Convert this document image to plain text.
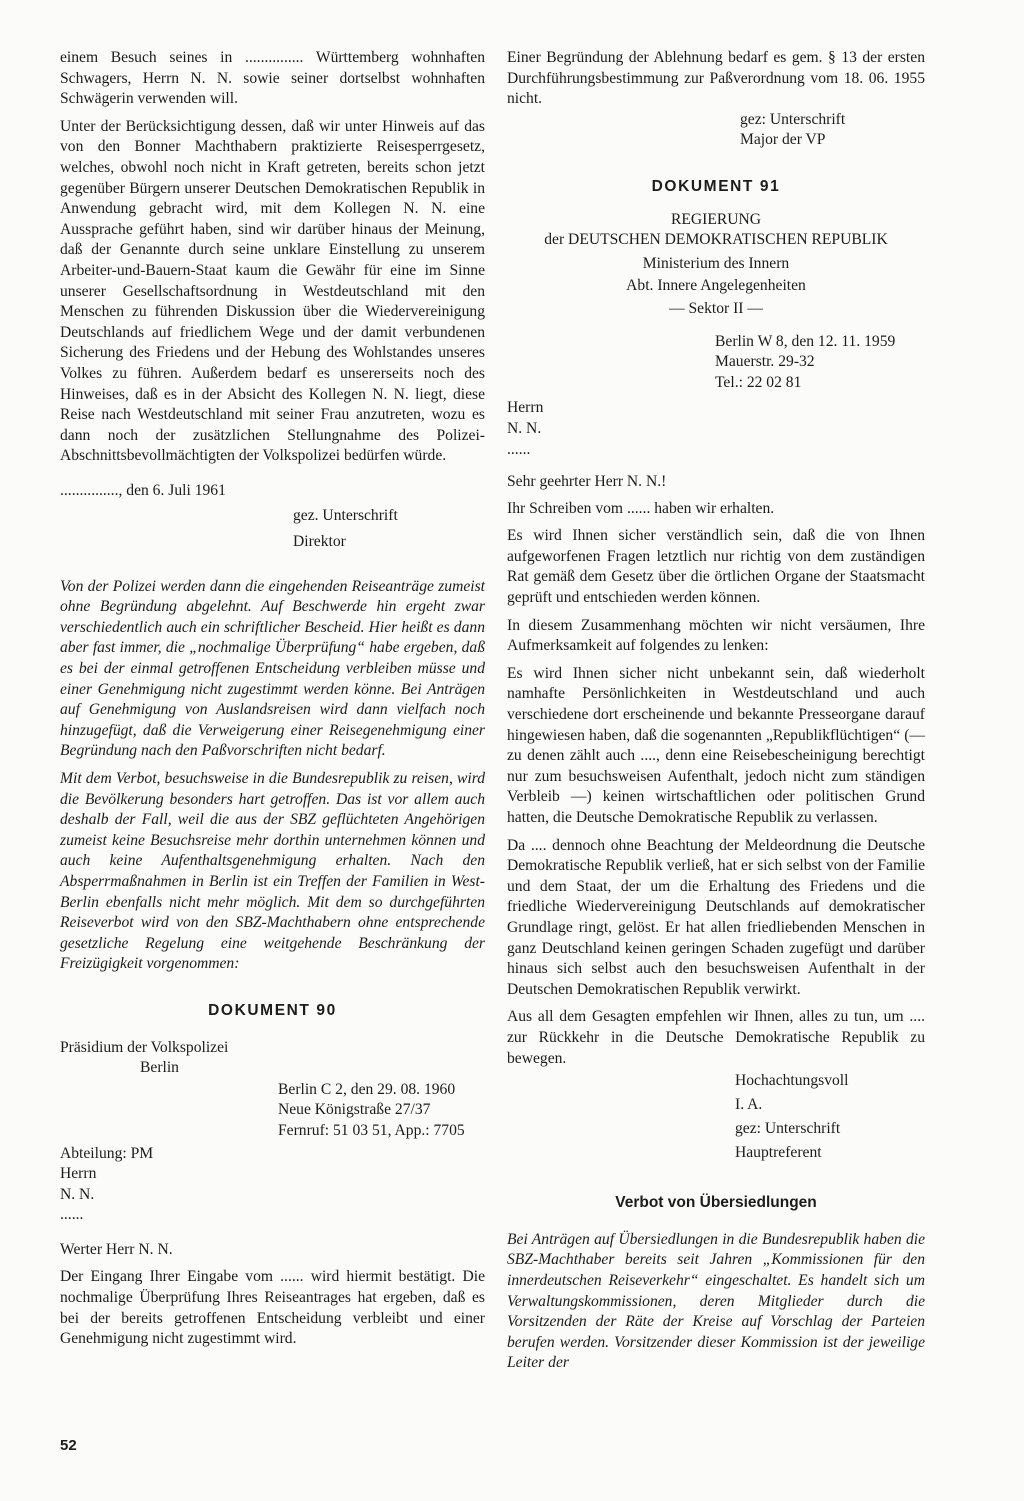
einem Besuch seines in ............... Württemberg wohnhaften Schwagers, Herrn N. N. sowie seiner dortselbst wohnhaften Schwägerin verwenden will.

Unter der Berücksichtigung dessen, daß wir unter Hinweis auf das von den Bonner Machthabern praktizierte Reisesperrgesetz, welches, obwohl noch nicht in Kraft getreten, bereits schon jetzt gegenüber Bürgern unserer Deutschen Demokratischen Republik in Anwendung gebracht wird, mit dem Kollegen N. N. eine Aussprache geführt haben, sind wir darüber hinaus der Meinung, daß der Genannte durch seine unklare Einstellung zu unserem Arbeiter-und-Bauern-Staat kaum die Gewähr für eine im Sinne unserer Gesellschaftsordnung in Westdeutschland mit den Menschen zu führenden Diskussion über die Wiedervereinigung Deutschlands auf friedlichem Wege und der damit verbundenen Sicherung des Friedens und der Hebung des Wohlstandes unseres Volkes zu führen. Außerdem bedarf es unsererseits noch des Hinweises, daß es in der Absicht des Kollegen N. N. liegt, diese Reise nach Westdeutschland mit seiner Frau anzutreten, wozu es dann noch der zusätzlichen Stellungnahme des Polizei-Abschnittsbevollmächtigten der Volkspolizei bedürfen würde.

..............., den 6. Juli 1961
gez. Unterschrift
Direktor

Von der Polizei werden dann die eingehenden Reiseanträge zumeist ohne Begründung abgelehnt. Auf Beschwerde hin ergeht zwar verschiedentlich auch ein schriftlicher Bescheid. Hier heißt es dann aber fast immer, die „nochmalige Überprüfung“ habe ergeben, daß es bei der einmal getroffenen Entscheidung verbleiben müsse und einer Genehmigung nicht zugestimmt werden könne. Bei Anträgen auf Genehmigung von Auslandsreisen wird dann vielfach noch hinzugefügt, daß die Verweigerung einer Reisegenehmigung einer Begründung nach den Paßvorschriften nicht bedarf.

Mit dem Verbot, besuchsweise in die Bundesrepublik zu reisen, wird die Bevölkerung besonders hart getroffen. Das ist vor allem auch deshalb der Fall, weil die aus der SBZ geflüchteten Angehörigen zumeist keine Besuchsreise mehr dorthin unternehmen können und auch keine Aufenthaltsgenehmigung erhalten. Nach den Absperrmaßnahmen in Berlin ist ein Treffen der Familien in West-Berlin ebenfalls nicht mehr möglich. Mit dem so durchgeführten Reiseverbot wird von den SBZ-Machthabern ohne entsprechende gesetzliche Regelung eine weitgehende Beschränkung der Freizügigkeit vorgenommen:

DOKUMENT 90
Präsidium der Volkspolizei
Berlin
Berlin C 2, den 29. 08. 1960
Neue Königstraße 27/37
Fernruf: 51 03 51, App.: 7705
Abteilung: PM
Herrn
N. N.
......
Werter Herr N. N.

Der Eingang Ihrer Eingabe vom ...... wird hiermit bestätigt. Die nochmalige Überprüfung Ihres Reiseantrages hat ergeben, daß es bei der bereits getroffenen Entscheidung verbleibt und einer Genehmigung nicht zugestimmt wird.

Einer Begründung der Ablehnung bedarf es gem. § 13 der ersten Durchführungsbestimmung zur Paßverordnung vom 18. 06. 1955 nicht.

gez: Unterschrift
Major der VP
DOKUMENT 91
REGIERUNG
der DEUTSCHEN DEMOKRATISCHEN REPUBLIK
Ministerium des Innern
Abt. Innere Angelegenheiten
— Sektor II —
Berlin W 8, den 12. 11. 1959
Mauerstr. 29-32
Tel.: 22 02 81
Herrn
N. N.
......
Sehr geehrter Herr N. N.!

Ihr Schreiben vom ...... haben wir erhalten.

Es wird Ihnen sicher verständlich sein, daß die von Ihnen aufgeworfenen Fragen letztlich nur richtig von dem zuständigen Rat gemäß dem Gesetz über die örtlichen Organe der Staatsmacht geprüft und entschieden werden können.

In diesem Zusammenhang möchten wir nicht versäumen, Ihre Aufmerksamkeit auf folgendes zu lenken:

Es wird Ihnen sicher nicht unbekannt sein, daß wiederholt namhafte Persönlichkeiten in Westdeutschland und auch verschiedene dort erscheinende und bekannte Presseorgane darauf hingewiesen haben, daß die sogenannten „Republikflüchtigen“ (— zu denen zählt auch ...., denn eine Reisebescheinigung berechtigt nur zum besuchsweisen Aufenthalt, jedoch nicht zum ständigen Verbleib —) keinen wirtschaftlichen oder politischen Grund hatten, die Deutsche Demokratische Republik zu verlassen.

Da .... dennoch ohne Beachtung der Meldeordnung die Deutsche Demokratische Republik verließ, hat er sich selbst von der Familie und dem Staat, der um die Erhaltung des Friedens und die friedliche Wiedervereinigung Deutschlands auf demokratischer Grundlage ringt, gelöst. Er hat allen friedliebenden Menschen in ganz Deutschland keinen geringen Schaden zugefügt und darüber hinaus sich selbst auch den besuchsweisen Aufenthalt in der Deutschen Demokratischen Republik verwirkt.

Aus all dem Gesagten empfehlen wir Ihnen, alles zu tun, um .... zur Rückkehr in die Deutsche Demokratische Republik zu bewegen.

Hochachtungsvoll
I. A.
gez: Unterschrift
Hauptreferent
Verbot von Übersiedlungen

Bei Anträgen auf Übersiedlungen in die Bundesrepublik haben die SBZ-Machthaber bereits seit Jahren „Kommissionen für den innerdeutschen Reiseverkehr“ eingeschaltet. Es handelt sich um Verwaltungskommissionen, deren Mitglieder durch die Vorsitzenden der Räte der Kreise auf Vorschlag der Parteien berufen werden. Vorsitzender dieser Kommission ist der jeweilige Leiter der

52
